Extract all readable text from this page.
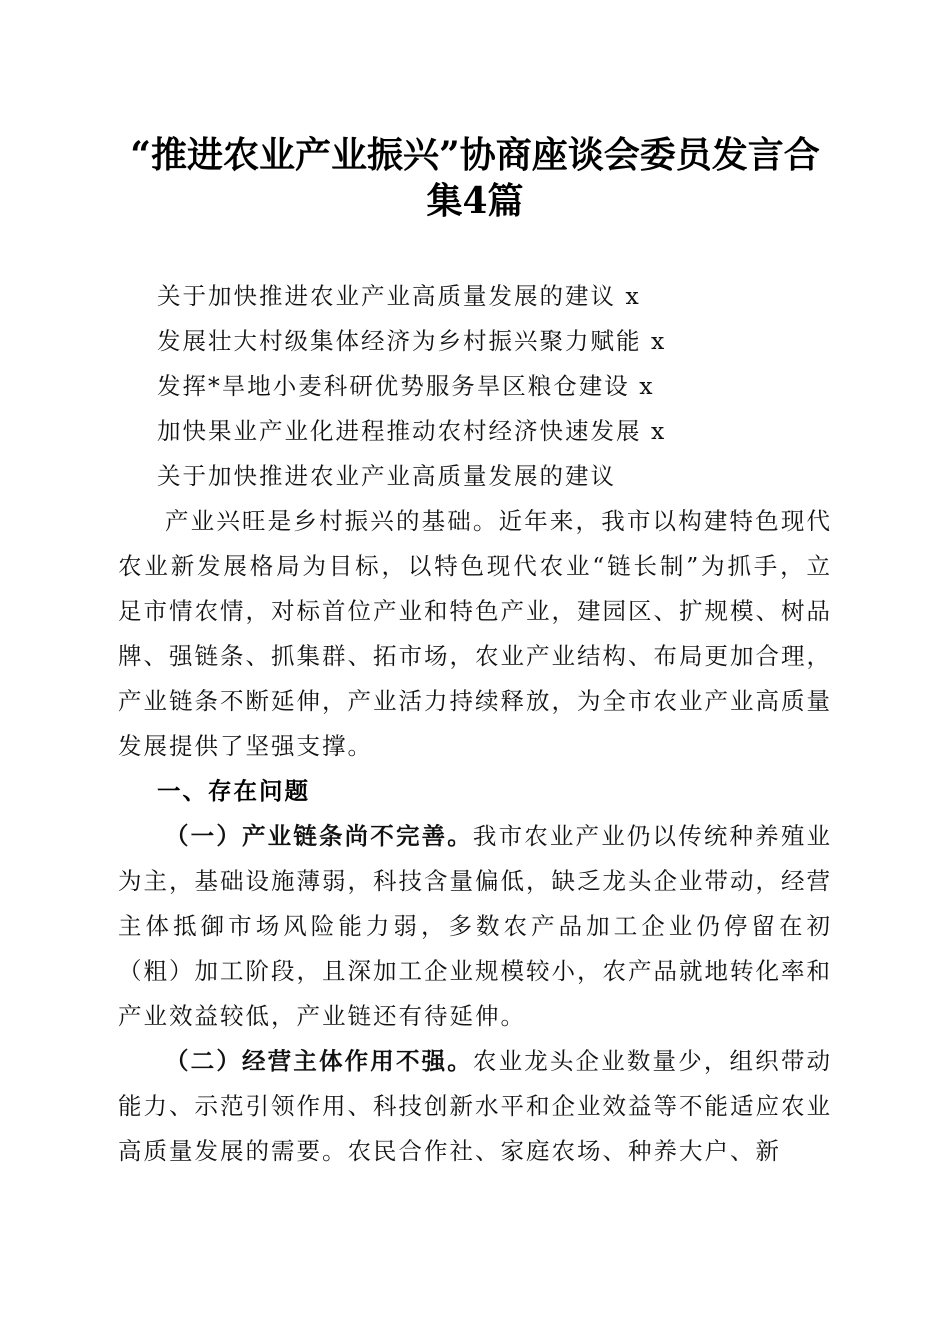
“推进农业产业振兴”协商座谈会委员发言合
集4篇
关于加快推进农业产业高质量发展的建议 x
发展壮大村级集体经济为乡村振兴聚力赋能 x
发挥*旱地小麦科研优势服务旱区粮仓建设 x
加快果业产业化进程推动农村经济快速发展 x
关于加快推进农业产业高质量发展的建议

产业兴旺是乡村振兴的基础。近年来，我市以构建特色现代农业新发展格局为目标，以特色现代农业“链长制”为抓手，立足市情农情，对标首位产业和特色产业，建园区、扩规模、树品牌、强链条、抓集群、拓市场，农业产业结构、布局更加合理，产业链条不断延伸，产业活力持续释放，为全市农业产业高质量发展提供了坚强支撑。

一、存在问题

（一）产业链条尚不完善。我市农业产业仍以传统种养殖业为主，基础设施薄弱，科技含量偏低，缺乏龙头企业带动，经营主体抵御市场风险能力弱，多数农产品加工企业仍停留在初（粗）加工阶段，且深加工企业规模较小，农产品就地转化率和产业效益较低，产业链还有待延伸。

（二）经营主体作用不强。农业龙头企业数量少，组织带动能力、示范引领作用、科技创新水平和企业效益等不能适应农业高质量发展的需要。农民合作社、家庭农场、种养大户、新
